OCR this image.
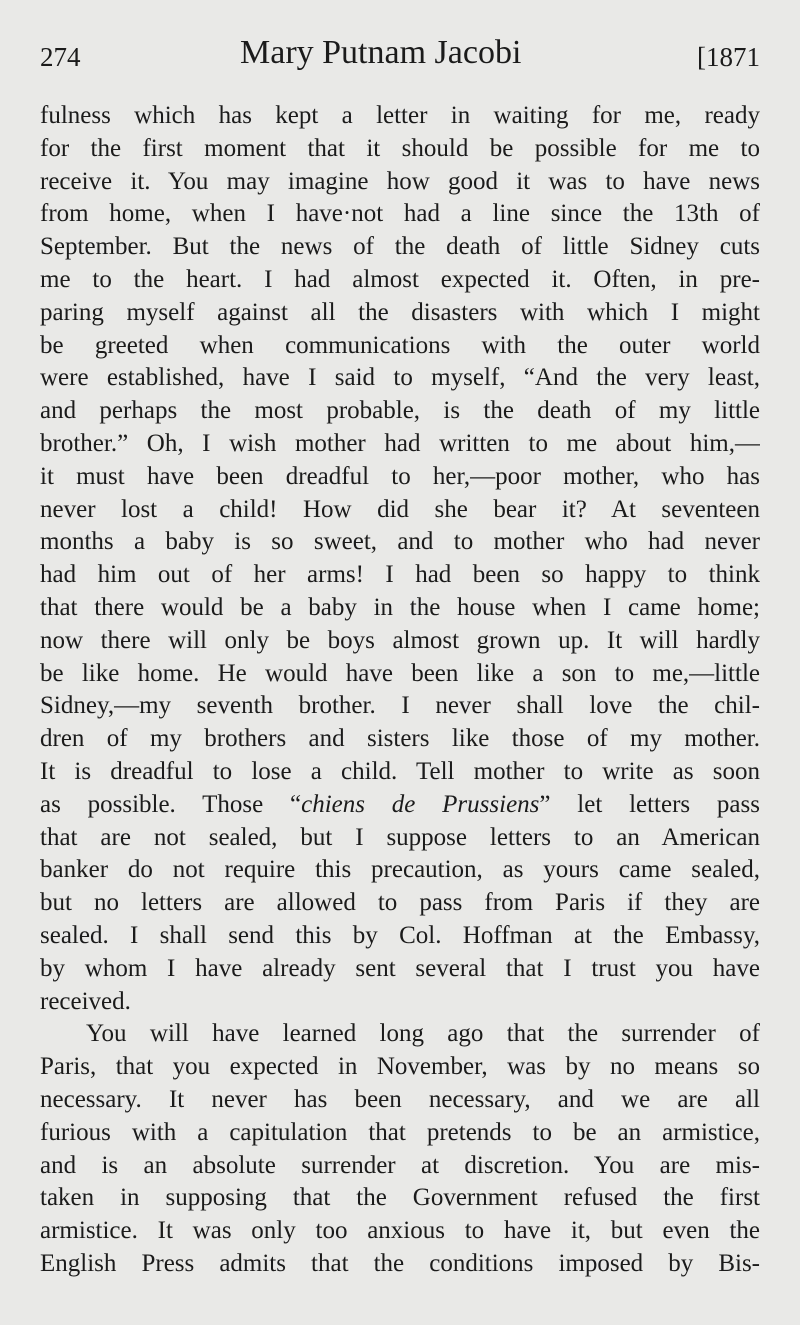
274	Mary Putnam Jacobi	[1871
fulness which has kept a letter in waiting for me, ready
for the first moment that it should be possible for me to
receive it. You may imagine how good it was to have news
from home, when I have·not had a line since the 13th of
September. But the news of the death of little Sidney cuts
me to the heart. I had almost expected it. Often, in pre-
paring myself against all the disasters with which I might
be greeted when communications with the outer world
were established, have I said to myself, “And the very least,
and perhaps the most probable, is the death of my little
brother.” Oh, I wish mother had written to me about him,—
it must have been dreadful to her,—poor mother, who has
never lost a child! How did she bear it? At seventeen
months a baby is so sweet, and to mother who had never
had him out of her arms! I had been so happy to think
that there would be a baby in the house when I came home;
now there will only be boys almost grown up. It will hardly
be like home. He would have been like a son to me,—little
Sidney,—my seventh brother. I never shall love the chil-
dren of my brothers and sisters like those of my mother.
It is dreadful to lose a child. Tell mother to write as soon
as possible. Those “chiens de Prussiens” let letters pass
that are not sealed, but I suppose letters to an American
banker do not require this precaution, as yours came sealed,
but no letters are allowed to pass from Paris if they are
sealed. I shall send this by Col. Hoffman at the Embassy,
by whom I have already sent several that I trust you have
received.
You will have learned long ago that the surrender of
Paris, that you expected in November, was by no means so
necessary. It never has been necessary, and we are all
furious with a capitulation that pretends to be an armistice,
and is an absolute surrender at discretion. You are mis-
taken in supposing that the Government refused the first
armistice. It was only too anxious to have it, but even the
English Press admits that the conditions imposed by Bis-
